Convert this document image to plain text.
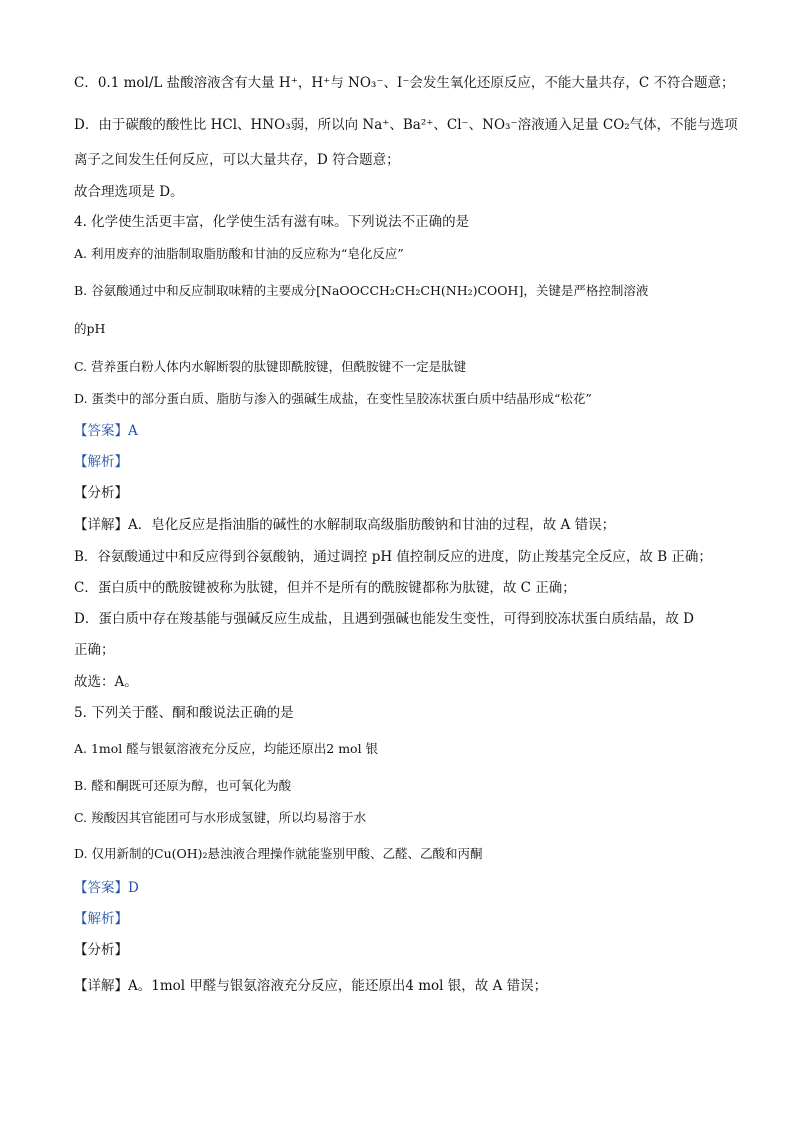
C．0.1 mol/L 盐酸溶液含有大量 H⁺，H⁺与 NO₃⁻、I⁻会发生氧化还原反应，不能大量共存，C 不符合题意；
D．由于碳酸的酸性比 HCl、HNO₃弱，所以向 Na⁺、Ba²⁺、Cl⁻、NO₃⁻溶液通入足量 CO₂气体，不能与选项
离子之间发生任何反应，可以大量共存，D 符合题意；
故合理选项是 D。
4. 化学使生活更丰富，化学使生活有滋有味。下列说法不正确的是
A. 利用废弃的油脂制取脂肪酸和甘油的反应称为“皂化反应”
B. 谷氨酸通过中和反应制取味精的主要成分[NaOOCCH₂CH₂CH(NH₂)COOH]，关键是严格控制溶液
的pH
C. 营养蛋白粉人体内水解断裂的肽键即酰胺键，但酰胺键不一定是肽键
D. 蛋类中的部分蛋白质、脂肪与渗入的强碱生成盐，在变性呈胶冻状蛋白质中结晶形成“松花”
【答案】A
【解析】
【分析】
【详解】A．皂化反应是指油脂的碱性的水解制取高级脂肪酸钠和甘油的过程，故 A 错误；
B．谷氨酸通过中和反应得到谷氨酸钠，通过调控 pH 值控制反应的进度，防止羧基完全反应，故 B 正确；
C．蛋白质中的酰胺键被称为肽键，但并不是所有的酰胺键都称为肽键，故 C 正确；
D．蛋白质中存在羧基能与强碱反应生成盐，且遇到强碱也能发生变性，可得到胶冻状蛋白质结晶，故 D
正确；
故选：A。
5. 下列关于醛、酮和酸说法正确的是
A. 1mol 醛与银氨溶液充分反应，均能还原出2 mol 银
B. 醛和酮既可还原为醇，也可氧化为酸
C. 羧酸因其官能团可与水形成氢键，所以均易溶于水
D. 仅用新制的Cu(OH)₂悬浊液合理操作就能鉴别甲酸、乙醛、乙酸和丙酮
【答案】D
【解析】
【分析】
【详解】A。1mol 甲醛与银氨溶液充分反应，能还原出4 mol 银，故 A 错误；
